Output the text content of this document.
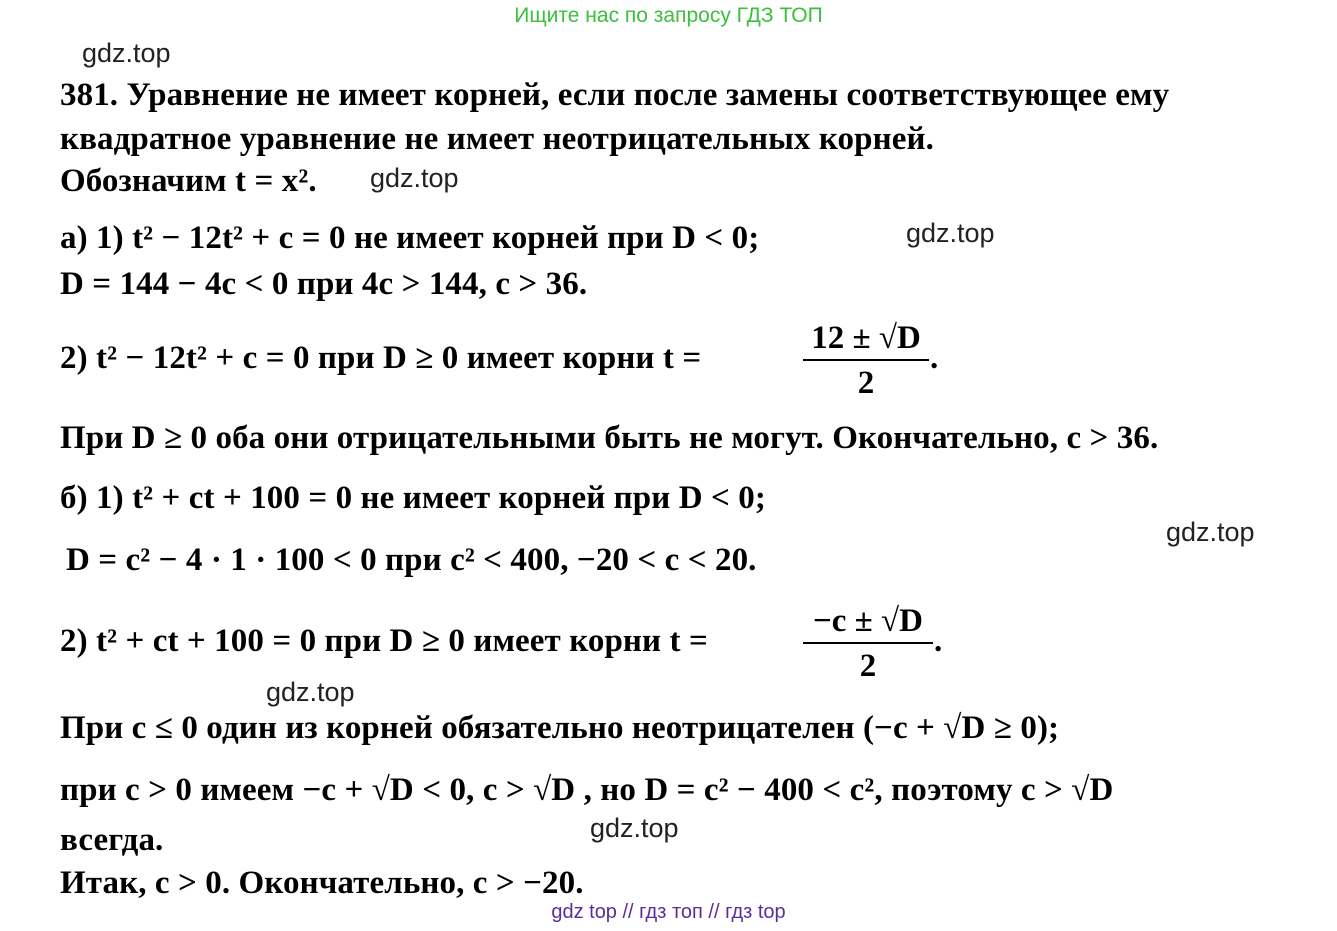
Ищите нас по запросу ГДЗ ТОП
gdz.top
gdz.top
gdz.top
gdz.top
gdz.top
gdz.top
381. Уравнение не имеет корней, если после замены соответствующее ему
квадратное уравнение не имеет неотрицательных корней.
Обозначим t = x².
а) 1) t² − 12t² + c = 0 не имеет корней при D < 0;
D = 144 − 4c < 0 при 4c > 144, c > 36.
2) t² − 12t² + c = 0 при D ≥ 0 имеет корни t =
12 ± √D
2
.
При D ≥ 0 оба они отрицательными быть не могут. Окончательно, c > 36.
б) 1) t² + ct + 100 = 0 не имеет корней при D < 0;
D = c² − 4 · 1 · 100 < 0 при c² < 400, −20 < c < 20.
2) t² + ct + 100 = 0 при D ≥ 0 имеет корни t =
−c ± √D
2
.
При c ≤ 0 один из корней обязательно неотрицателен (−c + √D ≥ 0);
при c > 0 имеем −c + √D < 0, c > √D , но D = c² − 400 < c², поэтому c > √D
всегда.
Итак, c > 0. Окончательно, c > −20.
gdz top // гдз топ // гдз top
